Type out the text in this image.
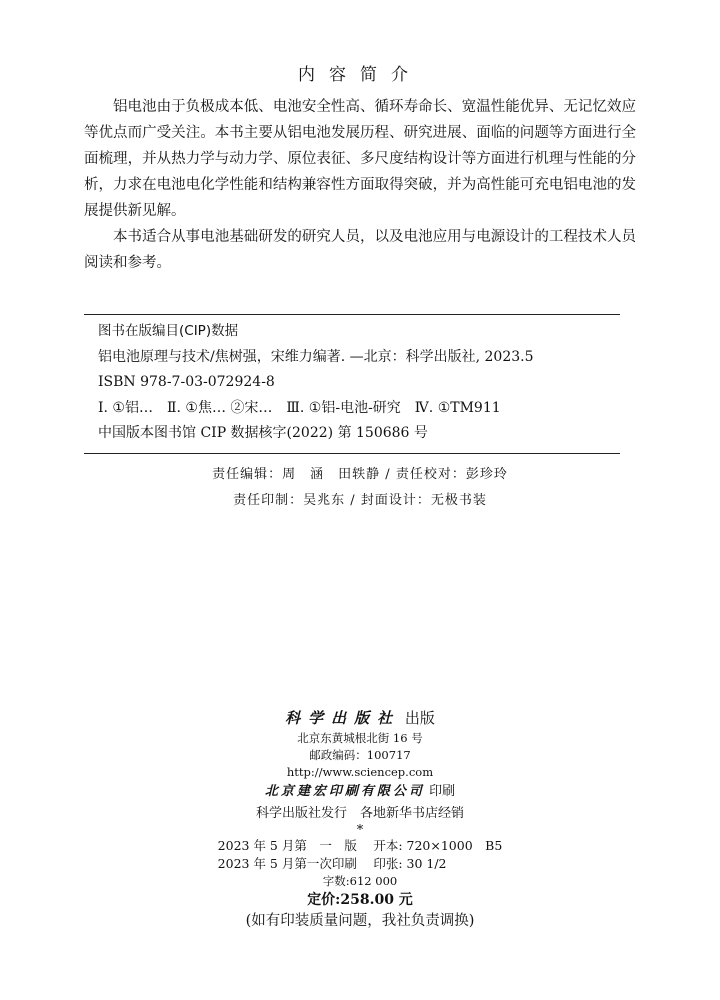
内容简介

铝电池由于负极成本低、电池安全性高、循环寿命长、宽温性能优异、无记忆效应等优点而广受关注。本书主要从铝电池发展历程、研究进展、面临的问题等方面进行全面梳理，并从热力学与动力学、原位表征、多尺度结构设计等方面进行机理与性能的分析，力求在电池电化学性能和结构兼容性方面取得突破，并为高性能可充电铝电池的发展提供新见解。

本书适合从事电池基础研发的研究人员，以及电池应用与电源设计的工程技术人员阅读和参考。

图书在版编目(CIP)数据
铝电池原理与技术/焦树强，宋维力编著. —北京：科学出版社, 2023.5
ISBN 978-7-03-072924-8
Ⅰ. ①铝…　Ⅱ. ①焦… ②宋…　Ⅲ. ①铝-电池-研究　Ⅳ. ①TM911
中国版本图书馆 CIP 数据核字(2022) 第 150686 号
责任编辑：周　涵　田轶静 / 责任校对：彭珍玲
责任印制：吴兆东 / 封面设计：无极书装
科学出版社 出版
北京东黄城根北街 16 号
邮政编码：100717
http://www.sciencep.com
北京建宏印刷有限公司 印刷
科学出版社发行　各地新华书店经销
*
2023 年 5 月第　一　版　 开本: 720×1000　B5
2023 年 5 月第一次印刷　 印张: 30 1/2
字数:612 000
定价:258.00 元
(如有印装质量问题，我社负责调换)
